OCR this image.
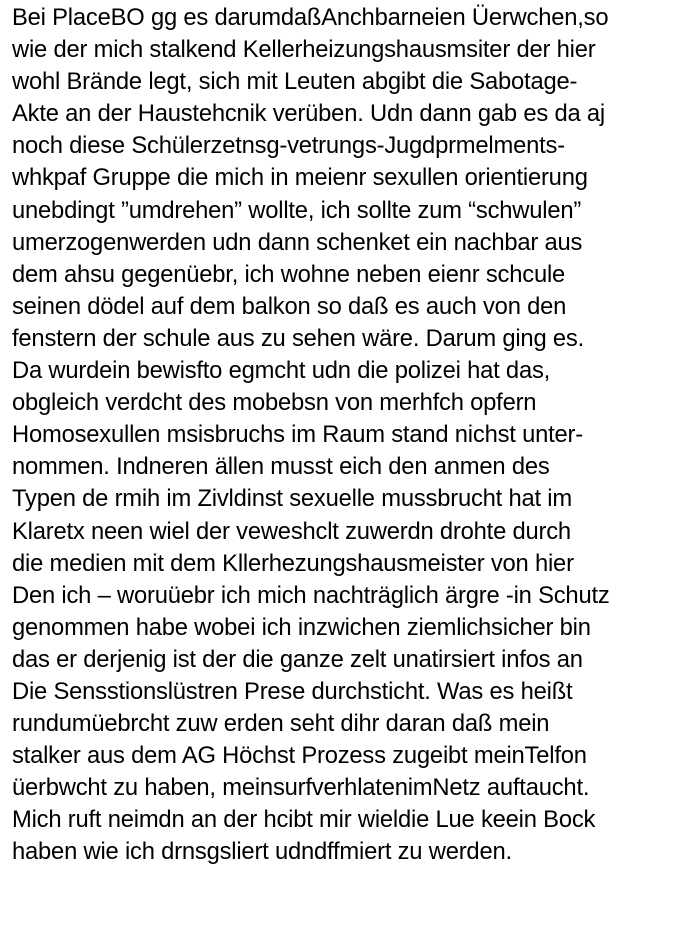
Bei PlaceBO gg es darumdaßAnchbarneien Üerwchen,so
wie der mich stalkend Kellerheizungshausmsiter der hier
wohl Brände legt, sich mit Leuten abgibt die Sabotage-
Akte an der Haustehcnik verüben. Udn dann gab es da aj
noch diese Schülerzetnsg-vetrungs-Jugdprmelments-
whkpaf Gruppe die mich in meienr sexullen orientierung
unebdingt ”umdrehen” wollte, ich sollte zum “schwulen”
umerzogenwerden udn dann schenket ein nachbar aus
dem ahsu gegenüebr, ich wohne neben eienr schcule
seinen dödel auf dem balkon so daß es auch von den
fenstern der schule aus zu sehen wäre. Darum ging es.
Da wurdein bewisfto egmcht udn die polizei hat das,
obgleich verdcht des mobebsn von merhfch opfern
Homosexullen msisbruchs im Raum stand nichst unter-
nommen. Indneren ällen musst eich den anmen des
Typen de rmih im Zivldinst sexuelle mussbrucht hat im
Klaretx neen wiel der veweshclt zuwerdn drohte durch
die medien mit dem Kllerhezungshausmeister von hier
Den ich – woruüebr ich mich nachträglich ärgre -in Schutz
genommen habe wobei ich inzwichen ziemlichsicher bin
das er derjenig ist der die ganze zelt unatirsiert infos an
Die Sensstionslüstren Prese durchsticht. Was es heißt
rundumüebrcht zuw erden seht dihr daran daß mein
stalker aus dem AG Höchst Prozess zugeibt meinTelfon
üerbwcht zu haben, meinsurfverhlatenimNetz auftaucht.
Mich ruft neimdn an der hcibt mir wieldie Lue keein Bock
haben wie ich drnsgsliert udndffmiert zu werden.
